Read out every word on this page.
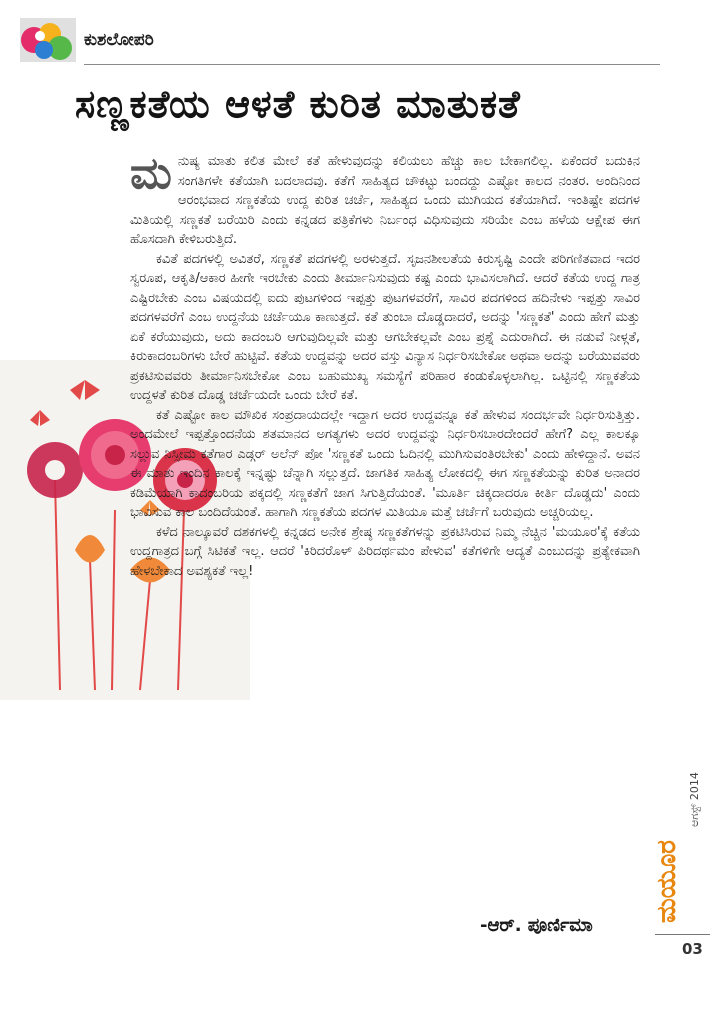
ಕುಶಲೋಪರಿ
ಸಣ್ಣಕತೆಯ ಆಳತೆ ಕುರಿತ ಮಾತುಕತೆ

ಮನುಷ್ಯ ಮಾತು ಕಲಿತ ಮೇಲೆ ಕತೆ ಹೇಳುವುದನ್ನು ಕಲಿಯಲು ಹೆಚ್ಚು ಕಾಲ ಬೇಕಾಗಲಿಲ್ಲ. ಏಕೆಂದರೆ ಬದುಕಿನ ಸಂಗತಿಗಳೇ ಕತೆಯಾಗಿ ಬದಲಾದವು. ಕತೆಗೆ ಸಾಹಿತ್ಯದ ಚೌಕಟ್ಟು ಬಂದದ್ದು ಎಷ್ಟೋ ಕಾಲದ ನಂತರ. ಅಂದಿನಿಂದ ಆರಂಭವಾದ ಸಣ್ಣಕತೆಯ ಉದ್ದ ಕುರಿತ ಚರ್ಚೆ, ಸಾಹಿತ್ಯದ ಒಂದು ಮುಗಿಯದ ಕತೆಯಾಗಿದೆ. ಇಂತಿಷ್ಟೇ ಪದಗಳ ಮಿತಿಯಲ್ಲಿ ಸಣ್ಣಕತೆ ಬರೆಯಿರಿ ಎಂದು ಕನ್ನಡದ ಪತ್ರಿಕೆಗಳು ನಿರ್ಬಂಧ ವಿಧಿಸುವುದು ಸರಿಯೇ ಎಂಬ ಹಳೆಯ ಆಕ್ಷೇಪ ಈಗ ಹೊಸದಾಗಿ ಕೇಳಿಬರುತ್ತಿದೆ.

ಕವಿತೆ ಪದಗಳಲ್ಲಿ ಅವಿತರೆ, ಸಣ್ಣಕತೆ ಪದಗಳಲ್ಲಿ ಅರಳುತ್ತದೆ. ಸೃಜನಶೀಲತೆಯ ಕಿರುಸೃಷ್ಟಿ ಎಂದೇ ಪರಿಗಣಿತವಾದ ಇದರ ಸ್ವರೂಪ, ಆಕೃತಿ/ಆಕಾರ ಹೀಗೇ ಇರಬೇಕು ಎಂದು ತೀರ್ಮಾನಿಸುವುದು ಕಷ್ಟ ಎಂದು ಭಾವಿಸಲಾಗಿದೆ. ಆದರೆ ಕತೆಯ ಉದ್ದ ಗಾತ್ರ ಎಷ್ಟಿರಬೇಕು ಎಂಬ ವಿಷಯದಲ್ಲಿ ಐದು ಪುಟಗಳಿಂದ ಇಪ್ಪತ್ತು ಪುಟಗಳವರೆಗೆ, ಸಾವಿರ ಪದಗಳಿಂದ ಹದಿನೇಳು ಇಪ್ಪತ್ತು ಸಾವಿರ ಪದಗಳವರೆಗೆ ಎಂಬ ಉದ್ದನೆಯ ಚರ್ಚೆಯೂ ಕಾಣುತ್ತದೆ. ಕತೆ ತುಂಬಾ ದೊಡ್ಡದಾದರೆ, ಅದನ್ನು 'ಸಣ್ಣಕತೆ' ಎಂದು ಹೇಗೆ ಮತ್ತು ಏಕೆ ಕರೆಯುವುದು, ಅದು ಕಾದಂಬರಿ ಆಗುವುದಿಲ್ಲವೇ ಮತ್ತು ಆಗಬೇಕಲ್ಲವೇ ಎಂಬ ಪ್ರಶ್ನೆ ಎದುರಾಗಿದೆ. ಈ ನಡುವೆ ನೀಳ್ಗತೆ, ಕಿರುಕಾದಂಬರಿಗಳು ಬೇರೆ ಹುಟ್ಟಿವೆ. ಕತೆಯ ಉದ್ದವನ್ನು ಅದರ ವಸ್ತು ವಿನ್ಯಾಸ ನಿರ್ಧರಿಸಬೇಕೋ ಅಥವಾ ಅದನ್ನು ಬರೆಯುವವರು ಪ್ರಕಟಿಸುವವರು ತೀರ್ಮಾನಿಸಬೇಕೋ ಎಂಬ ಬಹುಮುಖ್ಯ ಸಮಸ್ಯೆಗೆ ಪರಿಹಾರ ಕಂಡುಕೊಳ್ಳಲಾಗಿಲ್ಲ. ಒಟ್ಟಿನಲ್ಲಿ ಸಣ್ಣಕತೆಯ ಉದ್ದಳತೆ ಕುರಿತ ದೊಡ್ಡ ಚರ್ಚೆಯದೇ ಒಂದು ಬೇರೆ ಕತೆ.

ಕತೆ ಎಷ್ಟೋ ಕಾಲ ಮೌಖಿಕ ಸಂಪ್ರದಾಯದಲ್ಲೇ ಇದ್ದಾಗ ಅದರ ಉದ್ದವನ್ನೂ ಕತೆ ಹೇಳುವ ಸಂದರ್ಭವೇ ನಿರ್ಧರಿಸುತ್ತಿತ್ತು. ಅಂದಮೇಲೆ ಇಪ್ಪತ್ತೊಂದನೆಯ ಶತಮಾನದ ಅಗತ್ಯಗಳು ಅದರ ಉದ್ದವನ್ನು ನಿರ್ಧರಿಸಬಾರದೇಂದರೆ ಹೇಗೆ? ಎಲ್ಲ ಕಾಲಕ್ಕೂ ಸಲ್ಲುವ ನಿಸ್ಸೀಮ ಕತೆಗಾರ ಎಡ್ಗರ್ ಅಲೆನ್ ಪೋ 'ಸಣ್ಣಕತೆ ಒಂದು ಓದಿನಲ್ಲಿ ಮುಗಿಸುವಂತಿರಬೇಕು' ಎಂದು ಹೇಳಿದ್ದಾನೆ. ಅವನ ಈ ಮಾತು ಇಂದಿನ ಕಾಲಕ್ಕೆ ಇನ್ನಷ್ಟು ಚೆನ್ನಾಗಿ ಸಲ್ಲುತ್ತದೆ. ಜಾಗತಿಕ ಸಾಹಿತ್ಯ ಲೋಕದಲ್ಲಿ ಈಗ ಸಣ್ಣಕತೆಯನ್ನು ಕುರಿತ ಅನಾದರ ಕಡಿಮೆಯಾಗಿ ಕಾದಂಬರಿಯ ಪಕ್ಕದಲ್ಲಿ ಸಣ್ಣಕತೆಗೆ ಜಾಗ ಸಿಗುತ್ತಿದೆಯಂತೆ. 'ಮೂರ್ತಿ ಚಿಕ್ಕದಾದರೂ ಕೀರ್ತಿ ದೊಡ್ಡದು' ಎಂದು ಭಾವಿಸುವ ಕಾಲ ಬಂದಿದೆಯಂತೆ. ಹಾಗಾಗಿ ಸಣ್ಣಕತೆಯ ಪದಗಳ ಮಿತಿಯೂ ಮತ್ತೆ ಚರ್ಚೆಗೆ ಬರುವುದು ಅಚ್ಚರಿಯಲ್ಲ.

ಕಳೆದ ನಾಲ್ಕೂವರೆ ದಶಕಗಳಲ್ಲಿ ಕನ್ನಡದ ಅನೇಕ ಶ್ರೇಷ್ಠ ಸಣ್ಣಕತೆಗಳನ್ನು ಪ್ರಕಟಿಸಿರುವ ನಿಮ್ಮ ನೆಚ್ಚಿನ 'ಮಯೂರ'ಕ್ಕೆ ಕತೆಯ ಉದ್ದಗಾತ್ರದ ಬಗ್ಗೆ ಸಿಟಿಕತೆ ಇಲ್ಲ. ಆದರೆ 'ಕಿರಿದರೊಳ್ ಪಿರಿದರ್ಥಮಂ ಪೇಳುವ' ಕತೆಗಳಿಗೇ ಆದ್ಯತೆ ಎಂಬುದನ್ನು ಪ್ರತ್ಯೇಕವಾಗಿ ಹೇಳಬೇಕಾದ ಅವಶ್ಯಕತೆ ಇಲ್ಲ!

-ಆರ್. ಪೂರ್ಣಿಮಾ
ಮಯೂರ
ಆಗಸ್ಟ್ 2014
03
